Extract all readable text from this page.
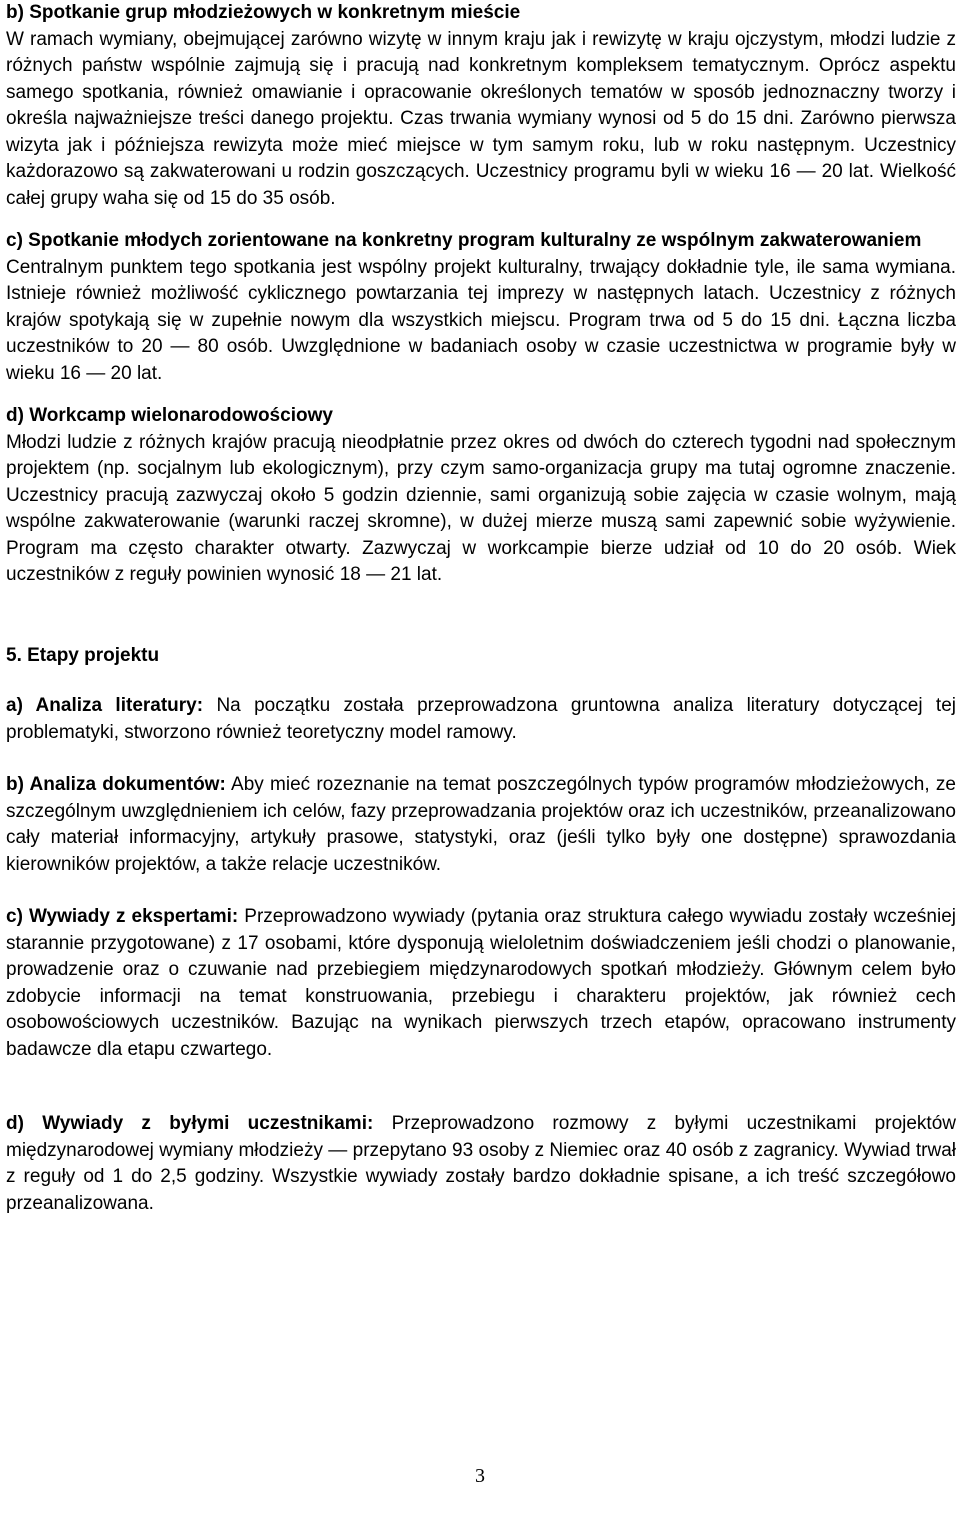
b) Spotkanie grup młodzieżowych w konkretnym mieście

W ramach wymiany, obejmującej zarówno wizytę w innym kraju jak i rewizytę w kraju ojczystym, młodzi ludzie z różnych państw wspólnie zajmują się i pracują nad konkretnym kompleksem tematycznym. Oprócz aspektu samego spotkania, również omawianie i opracowanie określonych tematów w sposób jednoznaczny tworzy i określa najważniejsze treści danego projektu. Czas trwania wymiany wynosi od 5 do 15 dni. Zarówno pierwsza wizyta jak i późniejsza rewizyta może mieć miejsce w tym samym roku, lub w roku następnym. Uczestnicy każdorazowo są zakwaterowani u rodzin goszczących. Uczestnicy programu byli w wieku 16 — 20 lat. Wielkość całej grupy waha się od 15 do 35 osób.

c) Spotkanie młodych zorientowane na konkretny program kulturalny ze wspólnym zakwaterowaniem

Centralnym punktem tego spotkania jest wspólny projekt kulturalny, trwający dokładnie tyle, ile sama wymiana. Istnieje również możliwość cyklicznego powtarzania tej imprezy w następnych latach. Uczestnicy z różnych krajów spotykają się w zupełnie nowym dla wszystkich miejscu. Program trwa od 5 do 15 dni. Łączna liczba uczestników to 20 — 80 osób. Uwzględnione w badaniach osoby w czasie uczestnictwa w programie były w wieku 16 — 20 lat.

d) Workcamp wielonarodowościowy

Młodzi ludzie z różnych krajów pracują nieodpłatnie przez okres od dwóch do czterech tygodni nad społecznym projektem (np. socjalnym lub ekologicznym), przy czym samo-organizacja grupy ma tutaj ogromne znaczenie. Uczestnicy pracują zazwyczaj około 5 godzin dziennie, sami organizują sobie zajęcia w czasie wolnym, mają wspólne zakwaterowanie (warunki raczej skromne), w dużej mierze muszą sami zapewnić sobie wyżywienie. Program ma często charakter otwarty. Zazwyczaj w workcampie bierze udział od 10 do 20 osób. Wiek uczestników z reguły powinien wynosić 18 — 21 lat.

5. Etapy projektu

a) Analiza literatury: Na początku została przeprowadzona gruntowna analiza literatury dotyczącej tej problematyki, stworzono również teoretyczny model ramowy.

b) Analiza dokumentów: Aby mieć rozeznanie na temat poszczególnych typów programów młodzieżowych, ze szczególnym uwzględnieniem ich celów, fazy przeprowadzania projektów oraz ich uczestników, przeanalizowano cały materiał informacyjny, artykuły prasowe, statystyki, oraz (jeśli tylko były one dostępne) sprawozdania kierowników projektów, a także relacje uczestników.

c) Wywiady z ekspertami: Przeprowadzono wywiady (pytania oraz struktura całego wywiadu zostały wcześniej starannie przygotowane) z 17 osobami, które dysponują wieloletnim doświadczeniem jeśli chodzi o planowanie, prowadzenie oraz o czuwanie nad przebiegiem międzynarodowych spotkań młodzieży. Głównym celem było zdobycie informacji na temat konstruowania, przebiegu i charakteru projektów, jak również cech osobowościowych uczestników. Bazując na wynikach pierwszych trzech etapów, opracowano instrumenty badawcze dla etapu czwartego.

d) Wywiady z byłymi uczestnikami: Przeprowadzono rozmowy z byłymi uczestnikami projektów międzynarodowej wymiany młodzieży — przepytano 93 osoby z Niemiec oraz 40 osób z zagranicy. Wywiad trwał z reguły od 1 do 2,5 godziny. Wszystkie wywiady zostały bardzo dokładnie spisane, a ich treść szczegółowo przeanalizowana.

3
